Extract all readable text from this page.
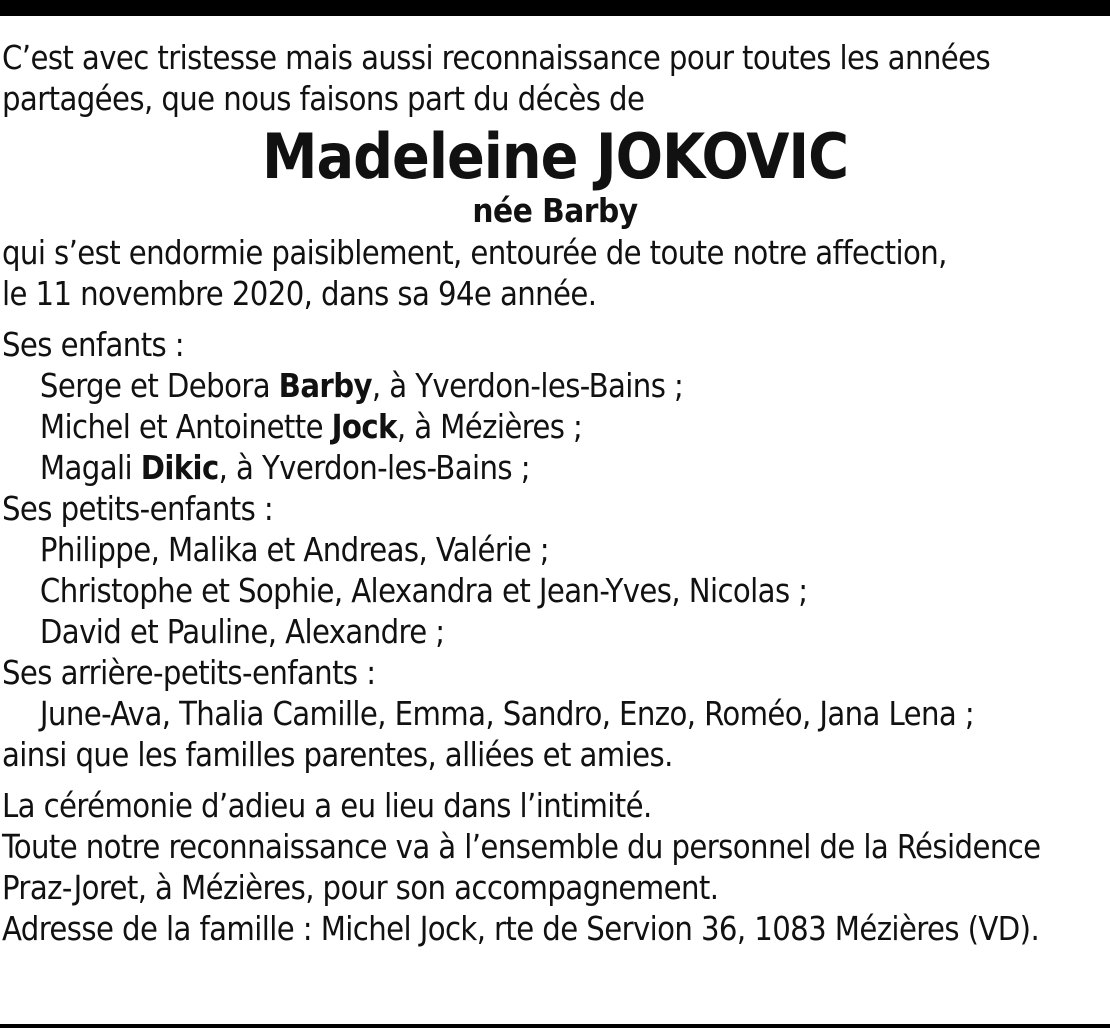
C’est avec tristesse mais aussi reconnaissance pour toutes les années

partagées, que nous faisons part du décès de

Madeleine JOKOVIC
née Barby

qui s’est endormie paisiblement, entourée de toute notre affection,

le 11 novembre 2020, dans sa 94e année.

Ses enfants :

Serge et Debora Barby, à Yverdon-les-Bains ;

Michel et Antoinette Jock, à Mézières ;

Magali Dikic, à Yverdon-les-Bains ;

Ses petits-enfants :

Philippe, Malika et Andreas, Valérie ;

Christophe et Sophie, Alexandra et Jean-Yves, Nicolas ;

David et Pauline, Alexandre ;

Ses arrière-petits-enfants :

June-Ava, Thalia Camille, Emma, Sandro, Enzo, Roméo, Jana Lena ;

ainsi que les familles parentes, alliées et amies.

La cérémonie d’adieu a eu lieu dans l’intimité.

Toute notre reconnaissance va à l’ensemble du personnel de la Résidence

Praz-Joret, à Mézières, pour son accompagnement.

Adresse de la famille : Michel Jock, rte de Servion 36, 1083 Mézières (VD).
